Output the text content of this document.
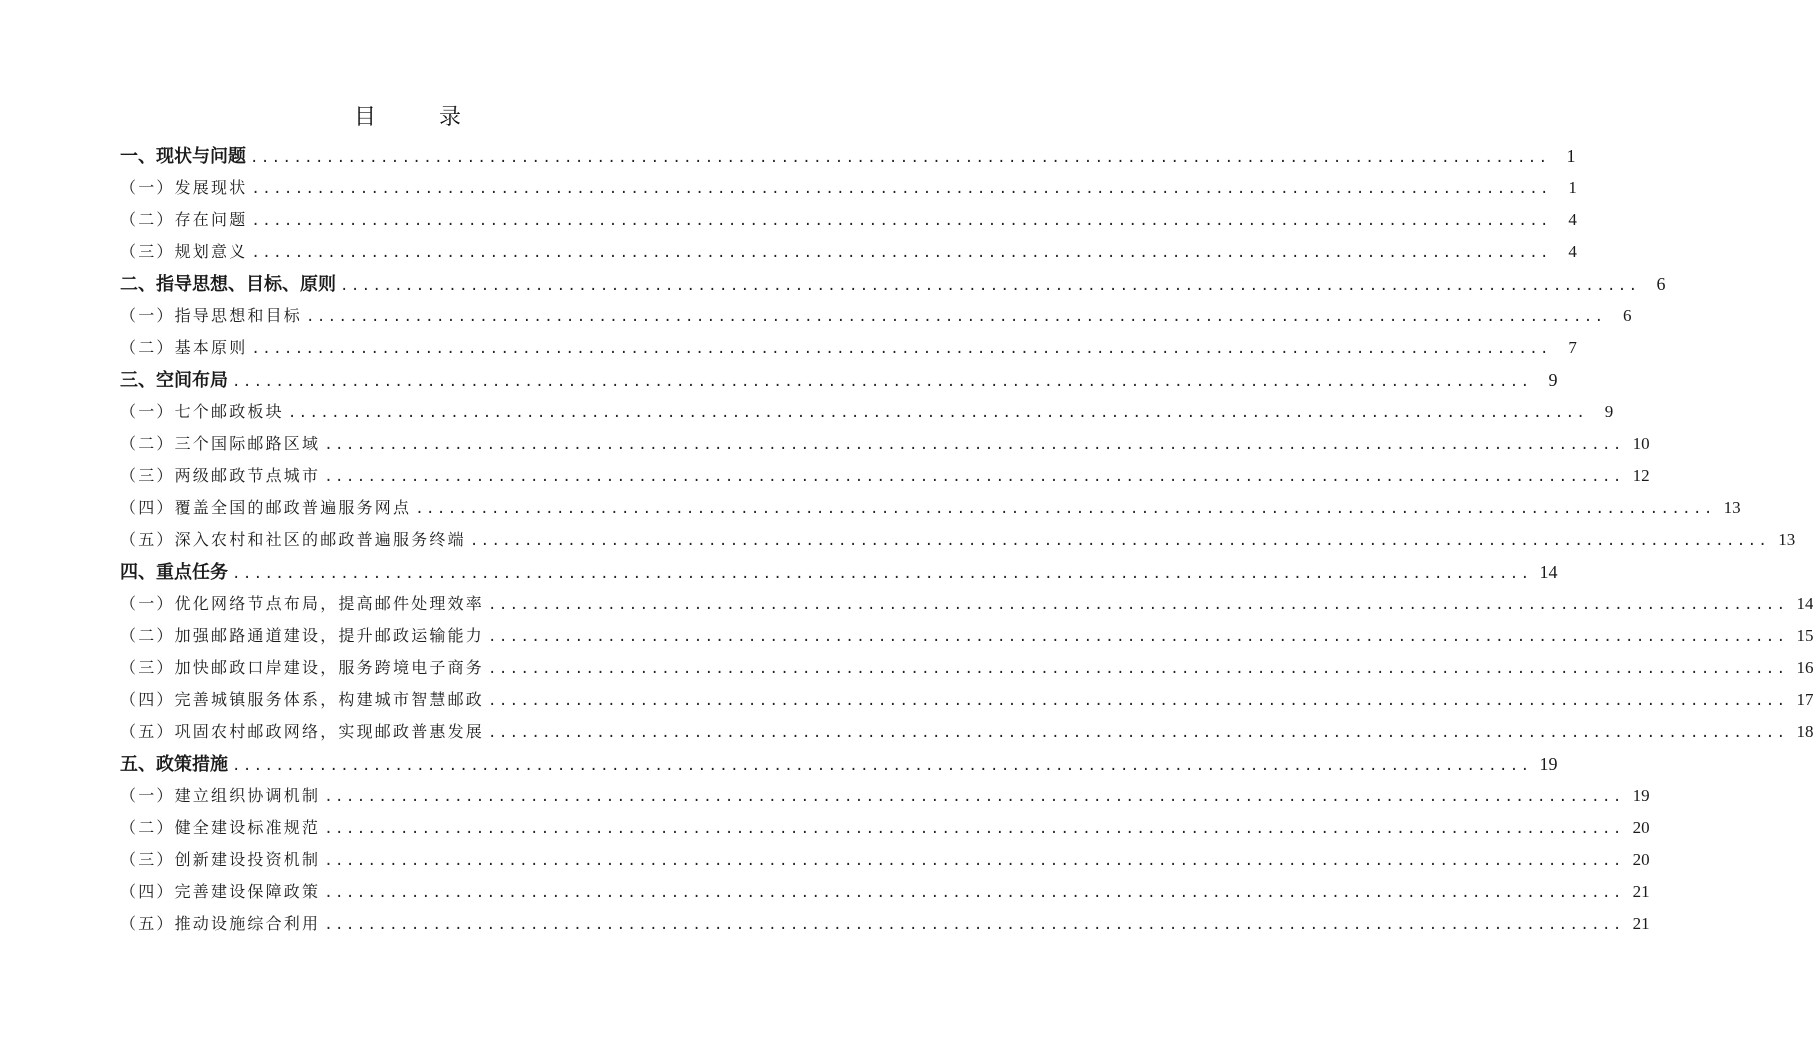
目 录
一、现状与问题 ........................................................................................................................ 1
（一）发展现状 ........................................................................................................................	1
（二）存在问题 ........................................................................................................................	4
（三）规划意义 ........................................................................................................................	4
二、指导思想、目标、原则 ........................................................................................................................ 6
（一）指导思想和目标 ........................................................................................................................	6
（二）基本原则 ........................................................................................................................	7
三、空间布局 ........................................................................................................................ 9
（一）七个邮政板块 ........................................................................................................................	9
（二）三个国际邮路区域 ........................................................................................................................ 10
（三）两级邮政节点城市 ........................................................................................................................ 12
（四）覆盖全国的邮政普遍服务网点 ........................................................................................................................ 13
（五）深入农村和社区的邮政普遍服务终端 ........................................................................................................................ 13
四、重点任务 ........................................................................................................................ 14
（一）优化网络节点布局，提高邮件处理效率 ........................................................................................................................ 14
（二）加强邮路通道建设，提升邮政运输能力 ........................................................................................................................ 15
（三）加快邮政口岸建设，服务跨境电子商务 ........................................................................................................................ 16
（四）完善城镇服务体系，构建城市智慧邮政 ........................................................................................................................ 17
（五）巩固农村邮政网络，实现邮政普惠发展 ........................................................................................................................ 18
五、政策措施 ........................................................................................................................ 19
（一）建立组织协调机制 ........................................................................................................................ 19
（二）健全建设标准规范 ........................................................................................................................ 20
（三）创新建设投资机制 ........................................................................................................................ 20
（四）完善建设保障政策 ........................................................................................................................ 21
（五）推动设施综合利用 ........................................................................................................................ 21
